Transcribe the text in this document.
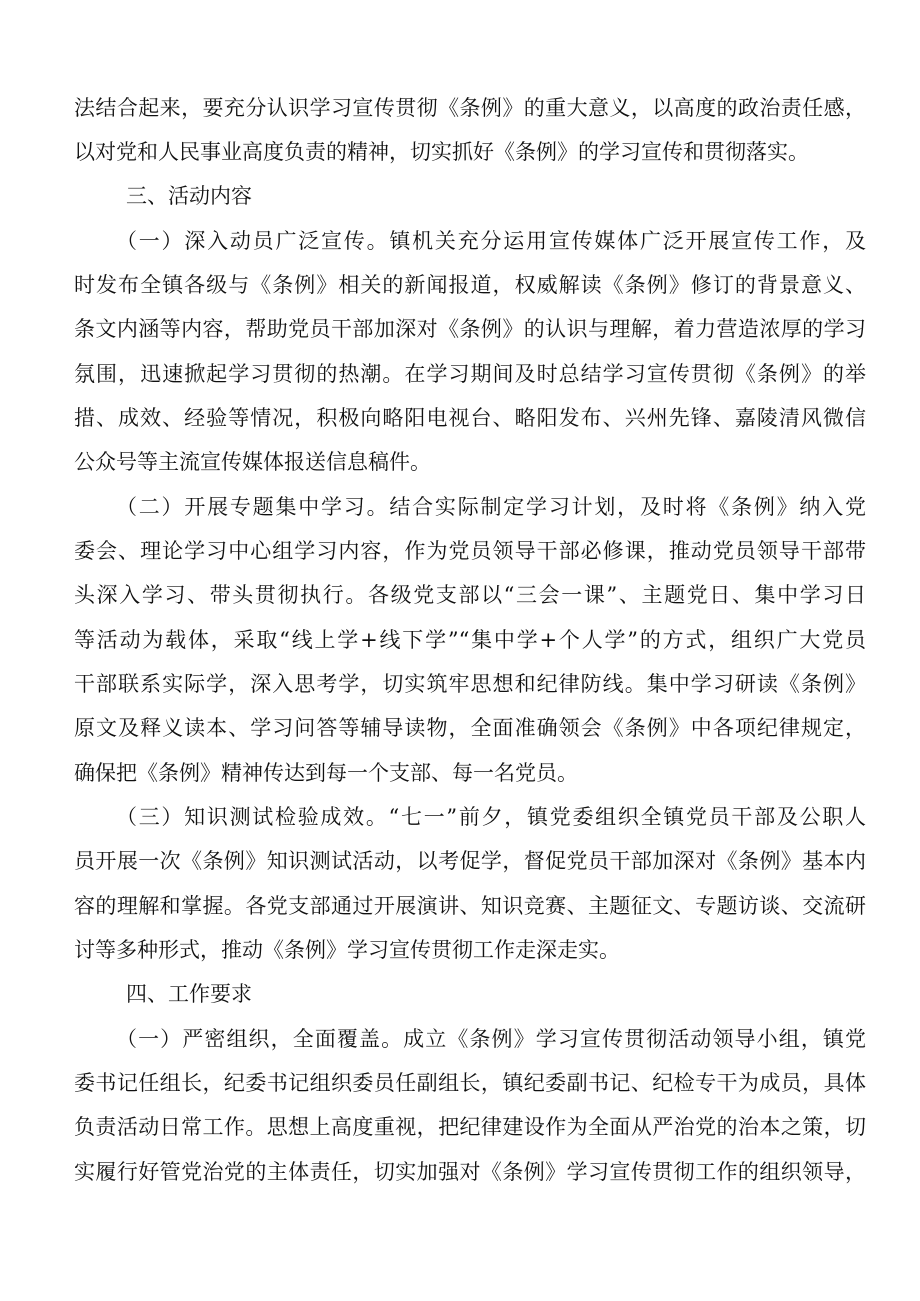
法结合起来，要充分认识学习宣传贯彻《条例》的重大意义，以高度的政治责任感，
以对党和人民事业高度负责的精神，切实抓好《条例》的学习宣传和贯彻落实。
三、活动内容
（一）深入动员广泛宣传。镇机关充分运用宣传媒体广泛开展宣传工作，及
时发布全镇各级与《条例》相关的新闻报道，权威解读《条例》修订的背景意义、
条文内涵等内容，帮助党员干部加深对《条例》的认识与理解，着力营造浓厚的学习
氛围，迅速掀起学习贯彻的热潮。在学习期间及时总结学习宣传贯彻《条例》的举
措、成效、经验等情况，积极向略阳电视台、略阳发布、兴州先锋、嘉陵清风微信
公众号等主流宣传媒体报送信息稿件。
（二）开展专题集中学习。结合实际制定学习计划，及时将《条例》纳入党
委会、理论学习中心组学习内容，作为党员领导干部必修课，推动党员领导干部带
头深入学习、带头贯彻执行。各级党支部以“三会一课”、主题党日、集中学习日
等活动为载体，采取“线上学+线下学”“集中学+个人学”的方式，组织广大党员
干部联系实际学，深入思考学，切实筑牢思想和纪律防线。集中学习研读《条例》
原文及释义读本、学习问答等辅导读物，全面准确领会《条例》中各项纪律规定，
确保把《条例》精神传达到每一个支部、每一名党员。
（三）知识测试检验成效。“七一”前夕，镇党委组织全镇党员干部及公职人
员开展一次《条例》知识测试活动，以考促学，督促党员干部加深对《条例》基本内
容的理解和掌握。各党支部通过开展演讲、知识竞赛、主题征文、专题访谈、交流研
讨等多种形式，推动《条例》学习宣传贯彻工作走深走实。
四、工作要求
（一）严密组织，全面覆盖。成立《条例》学习宣传贯彻活动领导小组，镇党
委书记任组长，纪委书记组织委员任副组长，镇纪委副书记、纪检专干为成员，具体
负责活动日常工作。思想上高度重视，把纪律建设作为全面从严治党的治本之策，切
实履行好管党治党的主体责任，切实加强对《条例》学习宣传贯彻工作的组织领导，
